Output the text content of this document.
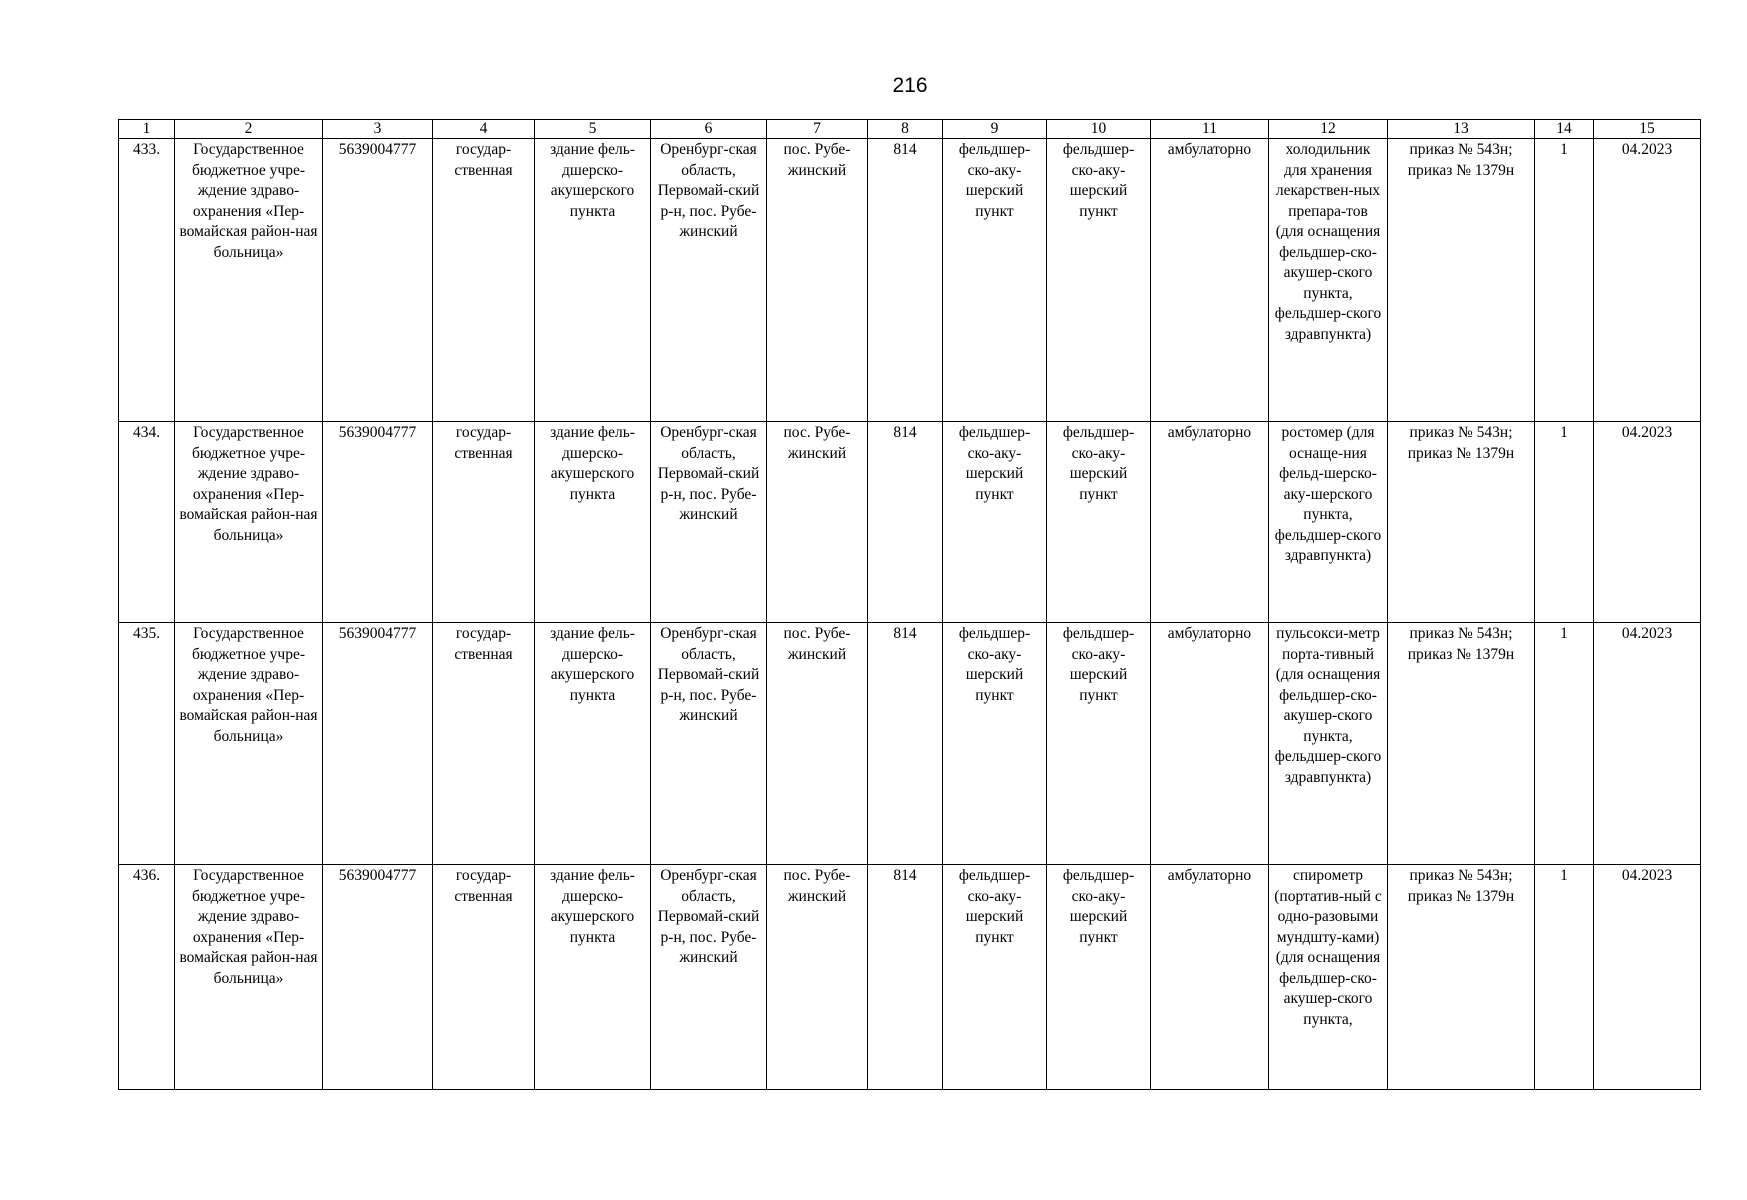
216
1	2	3	4	5	6	7	8	9	10	11	12	13	14	15
433.	Государственное бюджетное учре-ждение здраво-охранения «Пер-вомайская район-ная больница»	5639004777	государ-ственная	здание фель-дшерско-акушерского пункта	Оренбург-ская область, Первомай-ский р-н, пос. Рубе-жинский	пос. Рубе-жинский	814	фельдшер-ско-аку-шерский пункт	фельдшер-ско-аку-шерский пункт	амбулаторно	холодильник для хранения лекарствен-ных препара-тов (для оснащения фельдшер-ско-акушер-ского пункта, фельдшер-ского здравпункта)	приказ № 543н; приказ № 1379н	1	04.2023
434.	Государственное бюджетное учре-ждение здраво-охранения «Пер-вомайская район-ная больница»	5639004777	государ-ственная	здание фель-дшерско-акушерского пункта	Оренбург-ская область, Первомай-ский р-н, пос. Рубе-жинский	пос. Рубе-жинский	814	фельдшер-ско-аку-шерский пункт	фельдшер-ско-аку-шерский пункт	амбулаторно	ростомер (для оснаще-ния фельд-шерско-аку-шерского пункта, фельдшер-ского здравпункта)	приказ № 543н; приказ № 1379н	1	04.2023
435.	Государственное бюджетное учре-ждение здраво-охранения «Пер-вомайская район-ная больница»	5639004777	государ-ственная	здание фель-дшерско-акушерского пункта	Оренбург-ская область, Первомай-ский р-н, пос. Рубе-жинский	пос. Рубе-жинский	814	фельдшер-ско-аку-шерский пункт	фельдшер-ско-аку-шерский пункт	амбулаторно	пульсокси-метр порта-тивный (для оснащения фельдшер-ско-акушер-ского пункта, фельдшер-ского здравпункта)	приказ № 543н; приказ № 1379н	1	04.2023
436.	Государственное бюджетное учре-ждение здраво-охранения «Пер-вомайская район-ная больница»	5639004777	государ-ственная	здание фель-дшерско-акушерского пункта	Оренбург-ская область, Первомай-ский р-н, пос. Рубе-жинский	пос. Рубе-жинский	814	фельдшер-ско-аку-шерский пункт	фельдшер-ско-аку-шерский пункт	амбулаторно	спирометр (портатив-ный с одно-разовыми мундшту-ками) (для оснащения фельдшер-ско-акушер-ского пункта,	приказ № 543н; приказ № 1379н	1	04.2023
